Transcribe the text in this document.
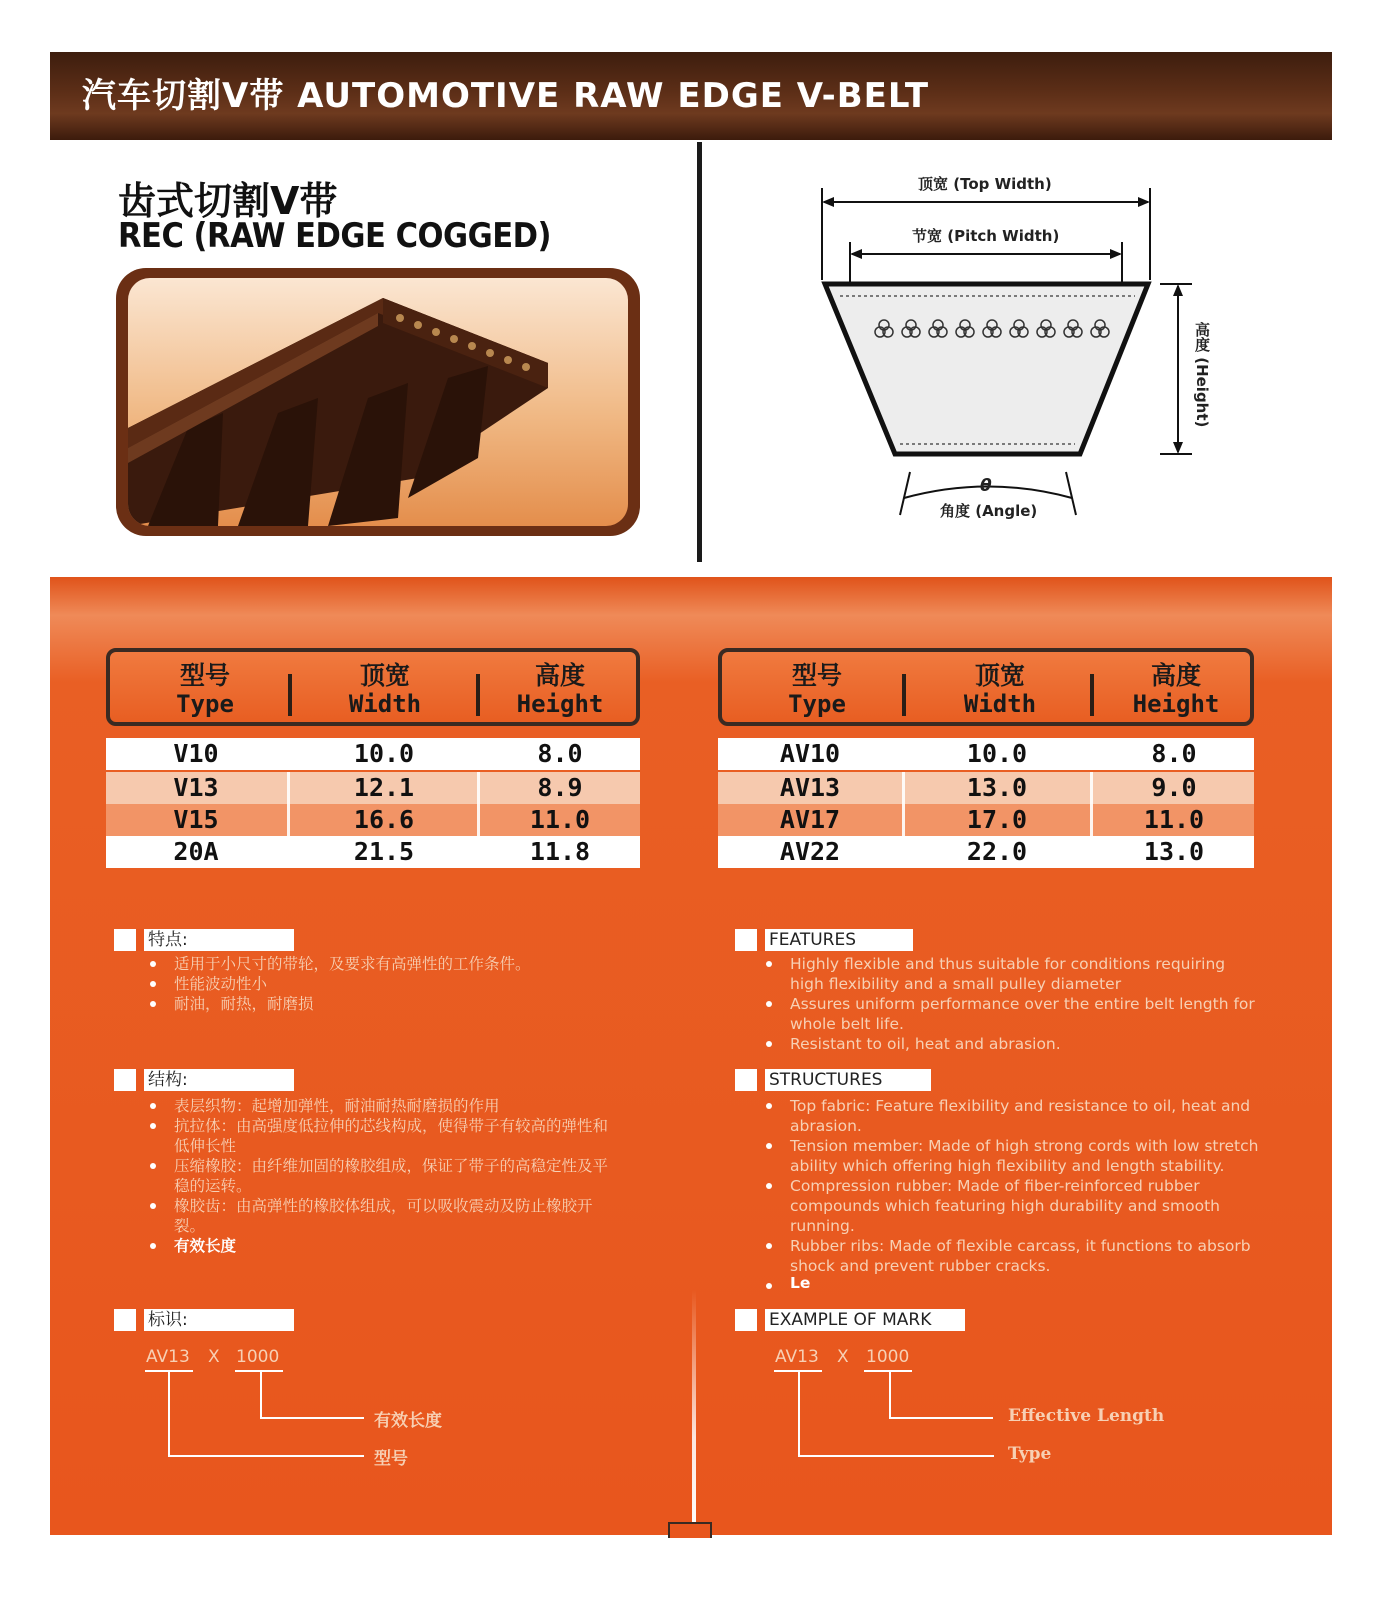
汽车切割V带 AUTOMOTIVE RAW EDGE V-BELT
齿式切割V带
REC (RAW EDGE COGGED)
顶宽 (Top Width)
节宽 (Pitch Width)
高度 (Height)
θ
角度 (Angle)
型号
Type
顶宽
Width
高度
Height
V10	10.0	8.0
V13	12.1	8.9
V15	16.6	11.0
20A	21.5	11.8
型号
Type
顶宽
Width
高度
Height
AV10	10.0	8.0
AV13	13.0	9.0
AV17	17.0	11.0
AV22	22.0	13.0
特点:
适用于小尺寸的带轮，及要求有高弹性的工作条件。
性能波动性小
耐油，耐热，耐磨损
结构:
表层织物：起增加弹性，耐油耐热耐磨损的作用
抗拉体：由高强度低拉伸的芯线构成，使得带子有较高的弹性和低伸长性
压缩橡胶：由纤维加固的橡胶组成，保证了带子的高稳定性及平稳的运转。
橡胶齿：由高弹性的橡胶体组成，可以吸收震动及防止橡胶开裂。
有效长度
标识:
AV13 X 1000
有效长度
型号
FEATURES
Highly flexible and thus suitable for conditions requiring high flexibility and a small pulley diameter
Assures uniform performance over the entire belt length for whole belt life.
Resistant to oil, heat and abrasion.
STRUCTURES
Top fabric: Feature flexibility and resistance to oil, heat and abrasion.
Tension member: Made of high strong cords with low stretch ability which offering high flexibility and length stability.
Compression rubber: Made of fiber-reinforced rubber compounds which featuring high durability and smooth running.
Rubber ribs: Made of flexible carcass, it functions to absorb shock and prevent rubber cracks.
Le
EXAMPLE OF MARK
AV13 X 1000
Effective Length
Type
